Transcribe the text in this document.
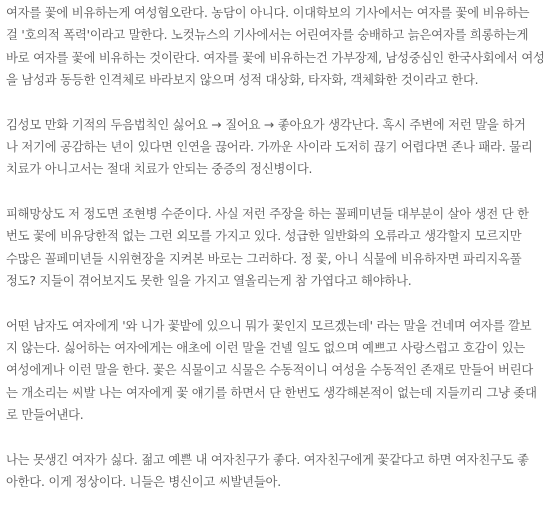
여자를 꽃에 비유하는게 여성혐오란다. 농담이 아니다. 이대학보의 기사에서는 여자를 꽃에 비유하는
걸 '호의적 폭력'이라고 말한다. 노컷뉴스의 기사에서는 어린여자를 숭배하고 늙은여자를 희롱하는게
바로 여자를 꽃에 비유하는 것이란다. 여자를 꽃에 비유하는건 가부장제, 남성중심인 한국사회에서 여성
을 남성과 동등한 인격체로 바라보지 않으며 성적 대상화, 타자화, 객체화한 것이라고 한다.
김성모 만화 기적의 두음법칙인 싫어요 → 질어요 → 좋아요가 생각난다. 혹시 주변에 저런 말을 하거
나 저기에 공감하는 년이 있다면 인연을 끊어라. 가까운 사이라 도저히 끊기 어렵다면 존나 패라. 물리
치료가 아니고서는 절대 치료가 안되는 중증의 정신병이다.
피해망상도 저 정도면 조현병 수준이다. 사실 저런 주장을 하는 꼴페미년들 대부분이 살아 생전 단 한
번도 꽃에 비유당한적 없는 그런 외모를 가지고 있다. 성급한 일반화의 오류라고 생각할지 모르지만
수많은 꼴페미년들 시위현장을 지켜본 바로는 그러하다. 정 꽃, 아니 식물에 비유하자면 파리지옥풀
정도? 지들이 겪어보지도 못한 일을 가지고 열올리는게 참 가엽다고 해야하나.
어떤 남자도 여자에게 '와 니가 꽃밭에 있으니 뭐가 꽃인지 모르겠는데' 라는 말을 건네며 여자를 깔보
지 않는다. 싫어하는 여자에게는 애초에 이런 말을 건넬 일도 없으며 예쁘고 사랑스럽고 호감이 있는
여성에게나 이런 말을 한다. 꽃은 식물이고 식물은 수동적이니 여성을 수동적인 존재로 만들어 버린다
는 개소리는 씨발 나는 여자에게 꽃 얘기를 하면서 단 한번도 생각해본적이 없는데 지들끼리 그냥 좆대
로 만들어낸다.
나는 못생긴 여자가 싫다. 젊고 예쁜 내 여자친구가 좋다. 여자친구에게 꽃같다고 하면 여자친구도 좋
아한다. 이게 정상이다. 니들은 병신이고 씨발년들아.
